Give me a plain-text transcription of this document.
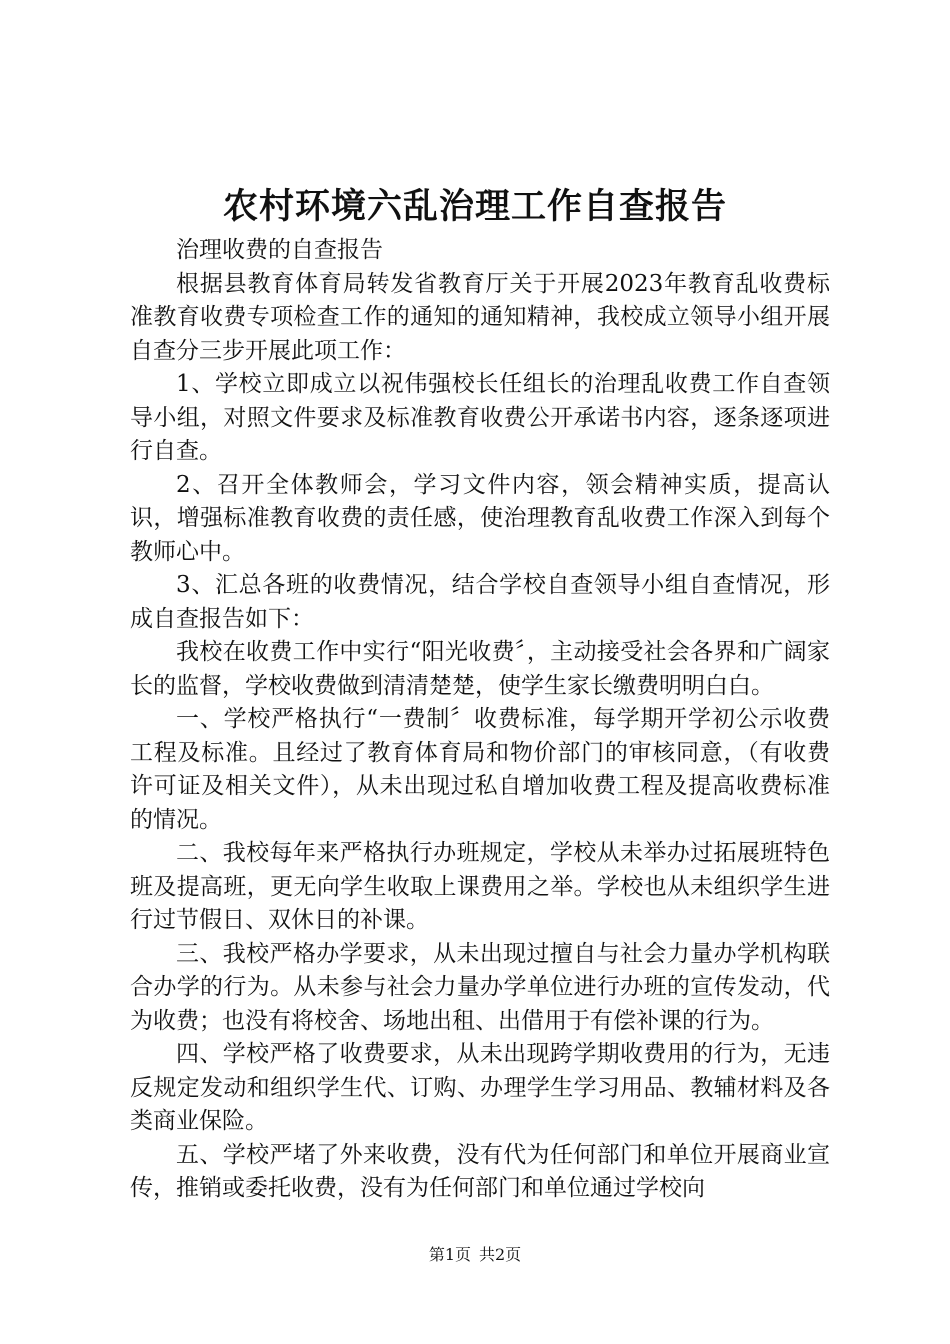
农村环境六乱治理工作自查报告

治理收费的自查报告

根据县教育体育局转发省教育厅关于开展2023年教育乱收费标准教育收费专项检查工作的通知的通知精神，我校成立领导小组开展自查分三步开展此项工作：

1、学校立即成立以祝伟强校长任组长的治理乱收费工作自查领导小组，对照文件要求及标准教育收费公开承诺书内容，逐条逐项进行自查。

2、召开全体教师会，学习文件内容，领会精神实质，提高认识，增强标准教育收费的责任感，使治理教育乱收费工作深入到每个教师心中。

3、汇总各班的收费情况，结合学校自查领导小组自查情况，形成自查报告如下：

我校在收费工作中实行“阳光收费〞，主动接受社会各界和广阔家长的监督，学校收费做到清清楚楚，使学生家长缴费明明白白。

一、学校严格执行“一费制〞收费标准，每学期开学初公示收费工程及标准。且经过了教育体育局和物价部门的审核同意，（有收费许可证及相关文件），从未出现过私自增加收费工程及提高收费标准的情况。

二、我校每年来严格执行办班规定，学校从未举办过拓展班特色班及提高班，更无向学生收取上课费用之举。学校也从未组织学生进行过节假日、双休日的补课。

三、我校严格办学要求，从未出现过擅自与社会力量办学机构联合办学的行为。从未参与社会力量办学单位进行办班的宣传发动，代为收费；也没有将校舍、场地出租、出借用于有偿补课的行为。

四、学校严格了收费要求，从未出现跨学期收费用的行为，无违反规定发动和组织学生代、订购、办理学生学习用品、教辅材料及各类商业保险。

五、学校严堵了外来收费，没有代为任何部门和单位开展商业宣传，推销或委托收费，没有为任何部门和单位通过学校向

第1页 共2页
